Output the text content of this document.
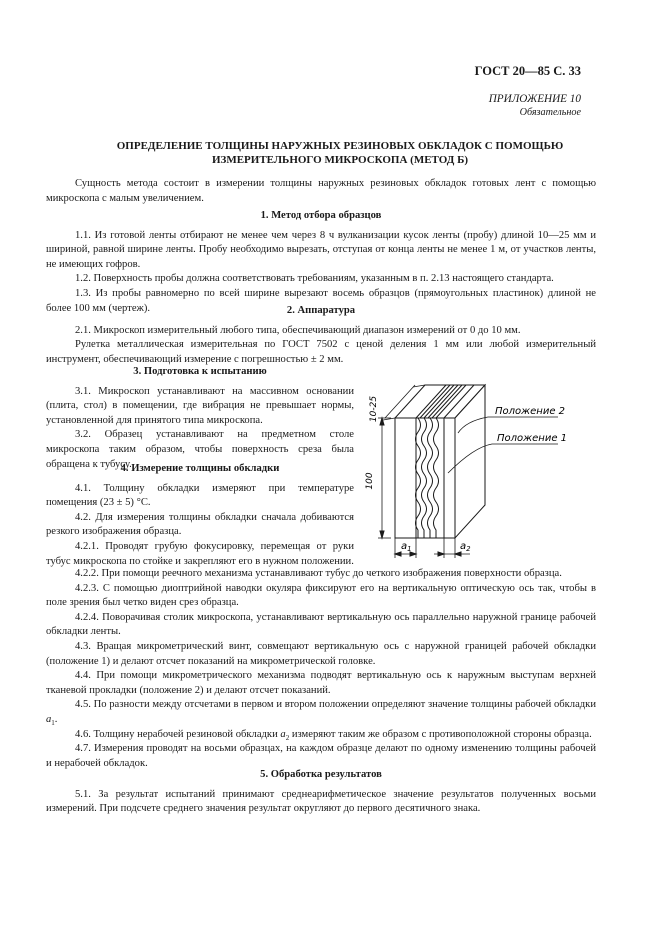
ГОСТ 20—85 С. 33
ПРИЛОЖЕНИЕ 10
Обязательное
ОПРЕДЕЛЕНИЕ ТОЛЩИНЫ НАРУЖНЫХ РЕЗИНОВЫХ ОБКЛАДОК С ПОМОЩЬЮ
ИЗМЕРИТЕЛЬНОГО МИКРОСКОПА (МЕТОД Б)

Сущность метода состоит в измерении толщины наружных резиновых обкладок готовых лент с помощью микроскопа с малым увеличением.

1. Метод отбора образцов

1.1. Из готовой ленты отбирают не менее чем через 8 ч вулканизации кусок ленты (пробу) длиной 10—25 мм и шириной, равной ширине ленты. Пробу необходимо вырезать, отступая от конца ленты не менее 1 м, от участков ленты, не имеющих гофров.

1.2. Поверхность пробы должна соответствовать требованиям, указанным в п. 2.13 настоящего стандарта.

1.3. Из пробы равномерно по всей ширине вырезают восемь образцов (прямоугольных пластинок) длиной не более 100 мм (чертеж).	2. Аппаратура

2.1. Микроскоп измерительный любого типа, обеспечивающий диапазон измерений от 0 до 10 мм.

Рулетка металлическая измерительная по ГОСТ 7502 с ценой деления 1 мм или любой измерительный инструмент, обеспечивающий измерение с погрешностью ± 2 мм.

3. Подготовка к испытанию

3.1. Микроскоп устанавливают на массивном основании (плита, стол) в помещении, где вибрация не превышает нормы, установленной для принятого типа микроскопа.

3.2. Образец устанавливают на предметном столе микроскопа таким образом, чтобы поверхность среза была обращена к тубусу.

4. Измерение толщины обкладки

4.1. Толщину обкладки измеряют при температуре помещения (23 ± 5) °С.

4.2. Для измерения толщины обкладки сначала добиваются резкого изображения образца.

4.2.1. Проводят грубую фокусировку, перемещая от руки тубус микроскопа по стойке и закрепляют его в нужном положении.

4.2.2. При помощи реечного механизма устанавливают тубус до четкого изображения поверхности образца.

4.2.3. С помощью диоптрийной наводки окуляра фиксируют его на вертикальную оптическую ось так, чтобы в поле зрения был четко виден срез образца.

4.2.4. Поворачивая столик микроскопа, устанавливают вертикальную ось параллельно наружной границе рабочей обкладки ленты.

4.3. Вращая микрометрический винт, совмещают вертикальную ось с наружной границей рабочей обкладки (положение 1) и делают отсчет показаний на микрометрической головке.

4.4. При помощи микрометрического механизма подводят вертикальную ось к наружным выступам верхней тканевой прокладки (положение 2) и делают отсчет показаний.

4.5. По разности между отсчетами в первом и втором положении определяют значение толщины рабочей обкладки $a_1$.

4.6. Толщину нерабочей резиновой обкладки $a_2$ измеряют таким же образом с противоположной стороны образца.

4.7. Измерения проводят на восьми образцах, на каждом образце делают по одному изменению толщины рабочей и нерабочей обкладок.

5. Обработка результатов

5.1. За результат испытаний принимают среднеарифметическое значение результатов полученных восьми измерений. При подсчете среднего значения результат округляют до первого десятичного знака.

10-25
100
Положение 2
Положение 1
$a_1$	$a_2$
